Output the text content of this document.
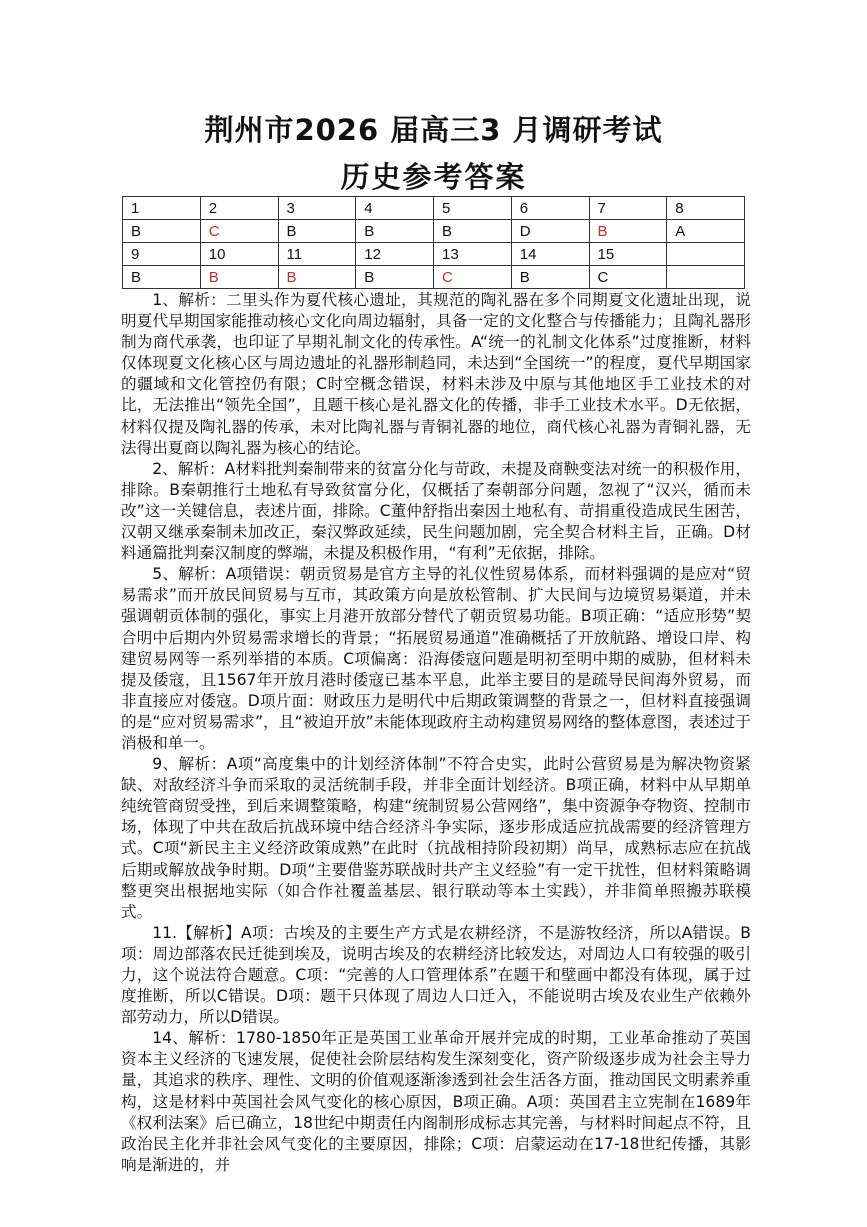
荆州市2026 届高三3 月调研考试
历史参考答案
1	2	3	4	5	6	7	8
B	C	B	B	B	D	B	A
9	10	11	12	13	14	15	
B	B	B	B	C	B	C	

1、解析：二里头作为夏代核心遗址，其规范的陶礼器在多个同期夏文化遗址出现，说明夏代早期国家能推动核心文化向周边辐射，具备一定的文化整合与传播能力；且陶礼器形制为商代承袭，也印证了早期礼制文化的传承性。A“统一的礼制文化体系”过度推断，材料仅体现夏文化核心区与周边遗址的礼器形制趋同，未达到“全国统一”的程度，夏代早期国家的疆域和文化管控仍有限；C时空概念错误，材料未涉及中原与其他地区手工业技术的对比，无法推出“领先全国”，且题干核心是礼器文化的传播，非手工业技术水平。D无依据，材料仅提及陶礼器的传承，未对比陶礼器与青铜礼器的地位，商代核心礼器为青铜礼器，无法得出夏商以陶礼器为核心的结论。

2、解析：A材料批判秦制带来的贫富分化与苛政，未提及商鞅变法对统一的积极作用，排除。B秦朝推行土地私有导致贫富分化，仅概括了秦朝部分问题，忽视了“汉兴，循而未改”这一关键信息，表述片面，排除。C董仲舒指出秦因土地私有、苛捐重役造成民生困苦，汉朝又继承秦制未加改正，秦汉弊政延续，民生问题加剧，完全契合材料主旨，正确。D材料通篇批判秦汉制度的弊端，未提及积极作用，“有利”无依据，排除。

5、解析：A项错误：朝贡贸易是官方主导的礼仪性贸易体系，而材料强调的是应对“贸易需求”而开放民间贸易与互市，其政策方向是放松管制、扩大民间与边境贸易渠道，并未强调朝贡体制的强化，事实上月港开放部分替代了朝贡贸易功能。B项正确：“适应形势”契合明中后期内外贸易需求增长的背景；“拓展贸易通道”准确概括了开放航路、增设口岸、构建贸易网等一系列举措的本质。C项偏离：沿海倭寇问题是明初至明中期的威胁，但材料未提及倭寇，且1567年开放月港时倭寇已基本平息，此举主要目的是疏导民间海外贸易，而非直接应对倭寇。D项片面：财政压力是明代中后期政策调整的背景之一，但材料直接强调的是“应对贸易需求”，且“被迫开放”未能体现政府主动构建贸易网络的整体意图，表述过于消极和单一。

9、解析：A项“高度集中的计划经济体制”不符合史实，此时公营贸易是为解决物资紧缺、对敌经济斗争而采取的灵活统制手段，并非全面计划经济。B项正确，材料中从早期单纯统管商贸受挫，到后来调整策略，构建“统制贸易公营网络”，集中资源争夺物资、控制市场，体现了中共在敌后抗战环境中结合经济斗争实际，逐步形成适应抗战需要的经济管理方式。C项“新民主主义经济政策成熟”在此时（抗战相持阶段初期）尚早，成熟标志应在抗战后期或解放战争时期。D项“主要借鉴苏联战时共产主义经验”有一定干扰性，但材料策略调整更突出根据地实际（如合作社覆盖基层、银行联动等本土实践），并非简单照搬苏联模式。

11.【解析】A项：古埃及的主要生产方式是农耕经济，不是游牧经济，所以A错误。B项：周边部落农民迁徙到埃及，说明古埃及的农耕经济比较发达，对周边人口有较强的吸引力，这个说法符合题意。C项：“完善的人口管理体系”在题干和壁画中都没有体现，属于过度推断，所以C错误。D项：题干只体现了周边人口迁入，不能说明古埃及农业生产依赖外部劳动力，所以D错误。

14、解析：1780-1850年正是英国工业革命开展并完成的时期，工业革命推动了英国资本主义经济的飞速发展，促使社会阶层结构发生深刻变化，资产阶级逐步成为社会主导力量，其追求的秩序、理性、文明的价值观逐渐渗透到社会生活各方面，推动国民文明素养重构，这是材料中英国社会风气变化的核心原因，B项正确。A项：英国君主立宪制在1689年《权利法案》后已确立，18世纪中期责任内阁制形成标志其完善，与材料时间起点不符，且政治民主化并非社会风气变化的主要原因，排除；C项：启蒙运动在17-18世纪传播，其影响是渐进的，并
